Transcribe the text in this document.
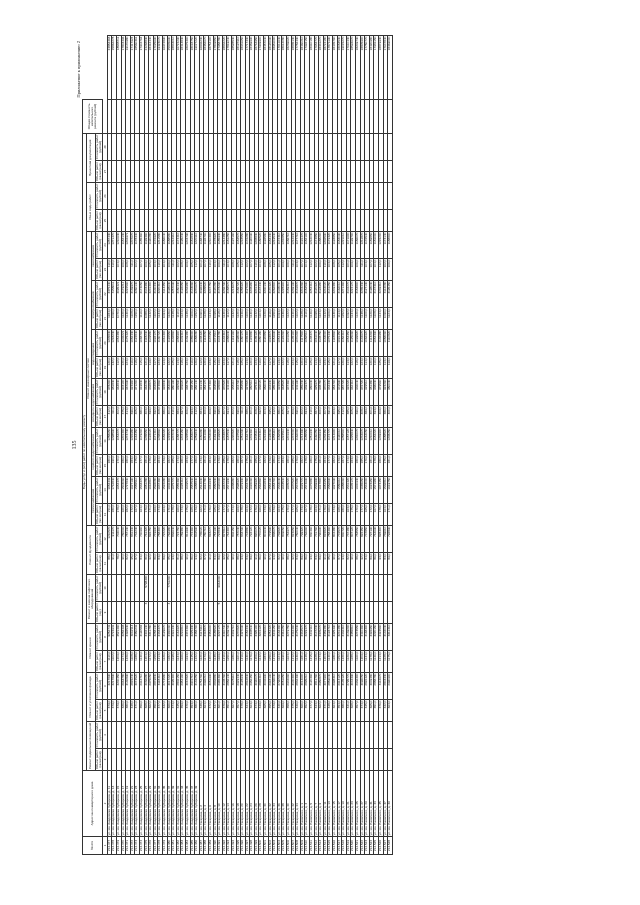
135
Приложение к приложению 2
№ п/п	Адрес многоквартирного дома	Виды услуг и (или) работ по капитальному ремонту																										Общая стоимость капитального ремонта (рублей)	
		Ремонт подвальных помещений		Ремонт и утепление фасада		Ремонт крыши		Ремонт и замена лифтового оборудования		Ремонт фундамента		Ремонт инженерных систем												Иные виды работ		Проектная документация			
												теплоснабжения		горячего водоснабжения		холодного водоснабжения		водоотведения		электроснабжения		газоснабжения							
		Объем работ (кв.метров)	Стоимость работ (рублей)	Объем работ (кв.метров)	Стоимость работ (рублей)	Объем работ (кв.метров)	Стоимость работ (рублей)	Объем работ (ед.)	Стоимость работ (рублей)	Объем работ (кв.метров)	Стоимость работ (рублей)	Объем работ (пог.метров)	Стоимость работ (рублей)	Объем работ (пог.метров)	Стоимость работ (рублей)	Объем работ (пог.метров)	Стоимость работ (рублей)	Объем работ (пог.метров)	Стоимость работ (рублей)	Объем работ (пог.метров)	Стоимость работ (рублей)	Объем работ (пог.метров)	Стоимость работ (рублей)	Объем работ (кв.метров)	Стоимость работ (рублей)	Объем работ (кв.метров)	Стоимость работ (рублей)		
1	2	3	4	5	6	7	8	9	10	11	12	13	14	15	16	17	18	19	20	21	22	23	24	25	26	27	28		
214.477	ул. им. Академика Чубарова, д. 11			379,0	3217890	1110,0	9252741			88,0	1210570	211,0	1084431	180,0	1258650	412,0	978200	120,0	1205830	1184,0	3375440	110,0	1287430						24884463
214.478	ул. им. Академика Чубарова, д. 13			379,0	3217890	1102,0	3724931			91,0	911170	180,0	1716840	190,0	1298590	411,0	981830	132,0	1218230	1096,0	3158011	110,0	1271470						15862278
214.479	ул. им. Академика Чубарова, д. 15			379,0	3200450	1209,0	3521460			78,0	702040	178,0	1684470	170,0	1154270	402,0	963840	112,0	1054380	1070,0	3095421	104,0	1210630						18588711
214.470	ул. им. Академика Чубарова, д. 17			326,0	2663780	1174,0	3282493			90,0	780000	160,0	1503060	186,0	1201400	375,0	903100	120,0	1106221	1120,0	3179212	106,0	1184130						17803496
214.471	ул. им. Академика Чубарова, д. 19			380,0	3140890	1226,0	3492540			82,0	787130	182,0	1727830	180,0	1273740	414,0	967690	124,0	1175420	1130,0	3222560	108,0	1202971						19170980
214.472	ул. им. Академика Чубарова, д. 21			348,0	2815240	1108,0	3062114			95,0	831440	172,0	1627190	183,0	1226980	396,0	924960	116,0	1082430	1108,0	3139970	111,0	1207670						17417924
214.473	ул. им. Академика Чубарова, д. 23			371,0	3074520	1188,0	3350231			87,0	734230	167,0	1555510	175,0	1163350	405,0	971200	118,0	1122840	1150,0	3260140	102,0	1178340						18560361
214.474	ул. им. Академика Чубарова, д. 25			356,0	2912710	1140,0	3190582			84,0	740960	164,0	1533370	177,0	1179200	380,0	919830	115,0	1068700	1116,0	3174050	107,0	1185360						17904762
214.475	ул. им. Академика Чубарова, д. 27			368,0	3036680	1204,0	3402140	3	5798400	80,0	761420	176,0	1651280	181,0	1235550	403,0	962280	121,0	1118230	1088,0	3103380	109,0	1199460						24268830
214.476	ул. им. Академика Чубарова, д. 29			362,0	2975050	1172,0	3311780			92,0	826750	171,0	1616810	178,0	1194020	399,0	946870	119,0	1109580	1142,0	3241300	105,0	1190280						18412440
214.477	ул. им. Академика Чубарова, д. 31			350,0	2879830	1158,0	3258140			86,0	779990	169,0	1592080	176,0	1171410	392,0	934820	117,0	1092170	1102,0	3140330	103,0	1176920						17025690
214.478	ул. им. Академика Чубарова, д. 33			377,0	3118410	1213,0	3433370			83,0	758300	174,0	1637460	184,0	1238860	408,0	974860	123,0	1130720	1134,0	3220310	110,0	1211580						19423070
214.479	ул. им. Академика Чубарова, д. 35			342,0	2774580	1126,0	3129670			89,0	797220	163,0	1522680	179,0	1182220	386,0	926830	114,0	1061300	1094,0	3113350	104,0	1186040						16972890
214.480	ул. им. Академика Чубарова, д. 37			366,0	3017220	1182,0	3340060	4	7731200	85,0	766980	170,0	1606300	182,0	1215570	401,0	954600	122,0	1126550	1126,0	3198630	106,0	1188580						25845690
214.481	ул. им. Академика Чубарова, д. 39			374,0	3095400	1198,0	3391430			93,0	836640	178,0	1675770	185,0	1247030	410,0	980190	125,0	1146860	1148,0	3257090	111,0	1212910						18843010
214.482	ул. им. Академика Чубарова, д. 41			345,0	2806150	1134,0	3164920			81,0	724750	166,0	1555360	174,0	1158770	389,0	930590	113,0	1058900	1110,0	3150440	102,0	1174410						16724290
214.483	ул. им. Академика Чубарова, д. 43			359,0	2954160	1166,0	3291810			88,0	789380	173,0	1628410	180,0	1203150	397,0	949620	118,0	1109410	1124,0	3192650	108,0	1195240						18313830
214.484	ул. им. Академика Чубарова, д. 45			370,0	3067820	1193,0	3372360			90,0	811990	175,0	1649570	183,0	1228560	406,0	968750	124,0	1139480	1138,0	3232980	109,0	1203790						18675300
214.485	ул. им. Академика Чубарова, д. 47			353,0	2901710	1145,0	3225330			86,0	772460	168,0	1587540	177,0	1183670	393,0	938150	116,0	1085000	1106,0	3143060	105,0	1181830						18018750
214.486	ул. им. Академика Чубарова, д. 49			380,0	3142250	1222,0	3458700			94,0	842590	179,0	1688840	186,0	1259840	412,0	986140	126,0	1158080	1152,0	3270670	112,0	1220110						19027220
214.487	ул. им. Гагарина, д. 2			338,0	2754760	1120,0	3117910			82,0	735020	162,0	1514630	173,0	1150680	384,0	919130	112,0	1048420	1090,0	3096940	101,0	1168740						16606230
214.488	ул. им. Гагарина, д. 4			364,0	2996210	1179,0	3318870			87,0	780710	171,0	1612780	181,0	1211660	400,0	952170	120,0	1112050	1128,0	3205520	107,0	1192700						18382670
214.489	ул. им. Гагарина, д. 6			372,0	3081990	1201,0	3384600			91,0	818270	176,0	1661940	184,0	1234000	409,0	977300	123,0	1137950	1144,0	3247750	110,0	1210300						18754100
214.490	ул. им. Гагарина, д. 8			347,0	2846880	1138,0	3185520			84,0	753190	165,0	1550530	176,0	1169460	390,0	933560	115,0	1071510	1098,0	3120280	103,0	1178920						17809850
214.491	ул. им. Гагарина, д. 10			361,0	2965360	1169,0	3297170	5	9664000	89,0	797830	172,0	1620000	179,0	1199820	398,0	945800	119,0	1103780	1118,0	3178290	106,0	1185930						27958780
214.492	ул. им. Гагарина, д. 12			376,0	3108760	1210,0	3410740			92,0	827810	177,0	1667240	185,0	1243870	407,0	970520	124,0	1142310	1140,0	3236790	111,0	1214380						18832220
214.493	ул. им. Гагарина, д. 14			351,0	2886140	1150,0	3239790			85,0	764300	167,0	1571930	178,0	1187530	394,0	941100	117,0	1088630	1112,0	3158570	104,0	1181250						17819240
214.494	ул. им. Гагарина, д. 16			367,0	3028110	1186,0	3349710			90,0	806150	174,0	1638680	182,0	1220820	402,0	958110	121,0	1119160	1132,0	3213670	108,0	1197160						18528530
214.495	ул. им. Гагарина, д. 18			357,0	2929440	1161,0	3270820			88,0	787030	169,0	1598920	180,0	1197560	396,0	944790	118,0	1098060	1120,0	3186720	105,0	1184570						18197910
214.496	ул. им. Гагарина, д. 20			378,0	3128930	1216,0	3427090			93,0	833790	178,0	1679330	187,0	1251290	411,0	983580	125,0	1150170	1146,0	3258920	112,0	1218550						18931650
214.497	ул. им. Гагарина, д. 22			344,0	2816840	1130,0	3152340			83,0	744880	164,0	1543760	175,0	1162710	388,0	927820	114,0	1065300	1100,0	3127600	102,0	1176280						17717330
214.498	ул. им. Гагарина, д. 24			363,0	2986450	1176,0	3308540			89,0	794120	172,0	1626060	181,0	1209360	401,0	950510	120,0	1115880	1130,0	3208980	107,0	1190090						18389990
214.499	ул. им. Гагарина, д. 26			373,0	3090070	1206,0	3395100			91,0	820070	176,0	1659920	185,0	1238110	408,0	975310	123,0	1135120	1142,0	3241410	110,0	1208830						18763950
214.500	ул. им. Гагарина, д. 28			349,0	2865410	1142,0	3201120			86,0	770020	166,0	1562860	177,0	1176310	392,0	936020	116,0	1080180	1104,0	3137440	104,0	1180520						17909900
214.501	ул. им. Гагарина, д. 30			365,0	3006990	1183,0	3330610			90,0	801640	173,0	1631840	182,0	1216960	403,0	956040	121,0	1120850	1126,0	3200130	108,0	1192580						18457640
214.502	ул. им. Гагарина, д. 32			355,0	2918190	1156,0	3254420			87,0	779590	168,0	1584190	179,0	1193060	395,0	942930	117,0	1093870	1116,0	3170420	105,0	1183430						18120090
214.503	ул. им. Гагарина, д. 34			379,0	3136040	1219,0	3441150			94,0	838670	179,0	1683700	186,0	1255110	412,0	985300	126,0	1154690	1150,0	3266800	112,0	1219540						18981000
214.504	ул. им. Гагарина, д. 36			340,0	2790560	1124,0	3134460			82,0	739820	163,0	1533030	174,0	1156580	386,0	922850	113,0	1054330	1094,0	3108030	101,0	1172310						17611640
214.505	ул. им. Гагарина, д. 38			369,0	3051650	1190,0	3361250			90,0	809050	175,0	1643540	183,0	1224510	405,0	963520	122,0	1126260	1136,0	3228900	109,0	1200850						18612080
214.506	ул. им. Гагарина, д. 40			358,0	2942660	1163,0	3279750			88,0	784970	170,0	1605220	180,0	1201940	397,0	947360	118,0	1101650	1122,0	3189310	106,0	1186710						18239620
214.507	ул. им. Гагарина, д. 42			375,0	3100300	1212,0	3416460			92,0	824650	177,0	1670520	185,0	1247000	409,0	978960	124,0	1145100	1140,0	3239190	111,0	1212940						18835130
214.508	ул. им. Гагарина, д. 44			346,0	2832490	1136,0	3175240			84,0	750040	165,0	1547680	176,0	1166000	390,0	931190	115,0	1070200	1102,0	3131870	103,0	1177710						17782430
214.509	ул. им. Ржевского, д. 1			366,0	3014600	1181,0	3334570			89,0	799320	173,0	1629770	182,0	1213490	402,0	955230	120,0	1117500	1128,0	3204260	107,0	1191470						18460210
214.510	ул. им. Ржевского, д. 3			352,0	2895210	1148,0	3229470			86,0	766660	167,0	1574690	178,0	1185550	394,0	939370	116,0	1086510	1110,0	3152590	104,0	1182100						17992150
214.511	ул. им. Ржевского, д. 5			377,0	3120360	1215,0	3432110			93,0	830460	178,0	1675880	186,0	1251930	410,0	980630	125,0	1148370	1146,0	3254410	112,0	1216030						18910180
214.512	ул. им. Ржевского, д. 7			343,0	2811760	1128,0	3147230			83,0	741760	164,0	1539990	175,0	1160250	387,0	925970	114,0	1061040	1098,0	3120920	102,0	1174850						17683770
214.513	ул. им. Ржевского, д. 9			362,0	2980870	1174,0	3305270			89,0	790690	171,0	1617800	181,0	1206940	400,0	948780	119,0	1108750	1124,0	3193980	106,0	1188200						18341270
214.514	ул. им. Ржевского, д. 11			371,0	3077900	1203,0	3389480			91,0	815820	176,0	1654950	184,0	1232350	407,0	970070	123,0	1133000	1142,0	3244020	110,0	1206590						18724180
214.515	ул. им. Ржевского, д. 13			348,0	2859030	1140,0	3193710			85,0	758460	166,0	1556890	177,0	1172770	391,0	934330	115,0	1075430	1106,0	3141250	103,0	1179320						17871190
214.516	ул. им. Ржевского, д. 15			364,0	2998310	1180,0	3325490			90,0	804480	173,0	1627090	182,0	1214600	403,0	953700	121,0	1118860	1130,0	3209380	108,0	1193850						18445760
214.517	ул. им. Ржевского, д. 17			354,0	2913120	1152,0	3241480			87,0	776570	168,0	1580610	179,0	1190010	395,0	941590	117,0	1091450	1114,0	3166010	105,0	1183090						18083530
214.518	ул. им. Ржевского, д. 19			380,0	3145120	1220,0	3446310			94,0	840720	180,0	1688060	187,0	1258500	412,0	987720	126,0	1156410	1152,0	3271460	112,0	1221010						19015270
214.519	ул. им. Ржевского, д. 21			341,0	2795770	1126,0	3139200			82,0	737480	163,0	1531420	174,0	1157120	385,0	922220	113,0	1053350	1092,0	3102270	101,0	1171600						17610430
214.520	ул. им. Ржевского, д. 23			368,0	3044390	1188,0	3355810			90,0	807120	175,0	1645170	183,0	1225840	405,0	962410	122,0	1125060	1134,0	3224170	109,0	1199700						18594670
214.521	ул. им. Ржевского, д. 25			357,0	2936300	1160,0	3273550			88,0	783550	170,0	1600930	180,0	1200070	396,0	946040	118,0	1099820	1120,0	3183800	106,0	1186070						18209730
214.522	ул. им. Ржевского, д. 27			374,0	3096050	1209,0	3410460			92,0	822450	177,0	1665650	185,0	1244670	408,0	976720	124,0	1142670	1138,0	3235340	111,0	1211870						18805900
214.523	ул. им. Ржевского, д. 29			345,0	2826420	1134,0	3168300			84,0	747850	165,0	1544000	176,0	1164050	389,0	929510	114,0	1066920	1100,0	3127130	103,0	1176540						17750770
214.524	ул. им. Ржевского, д. 31			365,0	3009480	1178,0	3326950			89,0	797190	172,0	1623950	181,0	1210010	401,0	951380	120,0	1114200	1126,0	3198030	107,0	1189850						18420980
214.525	ул. им. Ржевского, д. 33			351,0	2888780	1146,0	3220150			86,0	764690	167,0	1571980	178,0	1184220	393,0	938630	116,0	1084390	1108,0	3147310	104,0	1181000						17981150
214.526	ул. им. Ржевского, д. 35			376,0	3112670	1214,0	3424560			93,0	828300	178,0	1673450	186,0	1249900	409,0	979560	125,0	1146980	1144,0	3249310	112,0	1215200						18879930
214.527	ул. им. Ржевского, д. 37			342,0	2803330	1128,0	3142030			83,0	739610	164,0	1536810	175,0	1158520	386,0	924260	113,0	1058060	1096,0	3112080	102,0	1173140						17647840
214.528	ул. им. Ржевского, д. 39			363,0	2990900	1175,0	3311310			89,0	792890	171,0	1619750	181,0	1208250	400,0	950030	119,0	1110820	1124,0	3195450	106,0	1188800						18369000
